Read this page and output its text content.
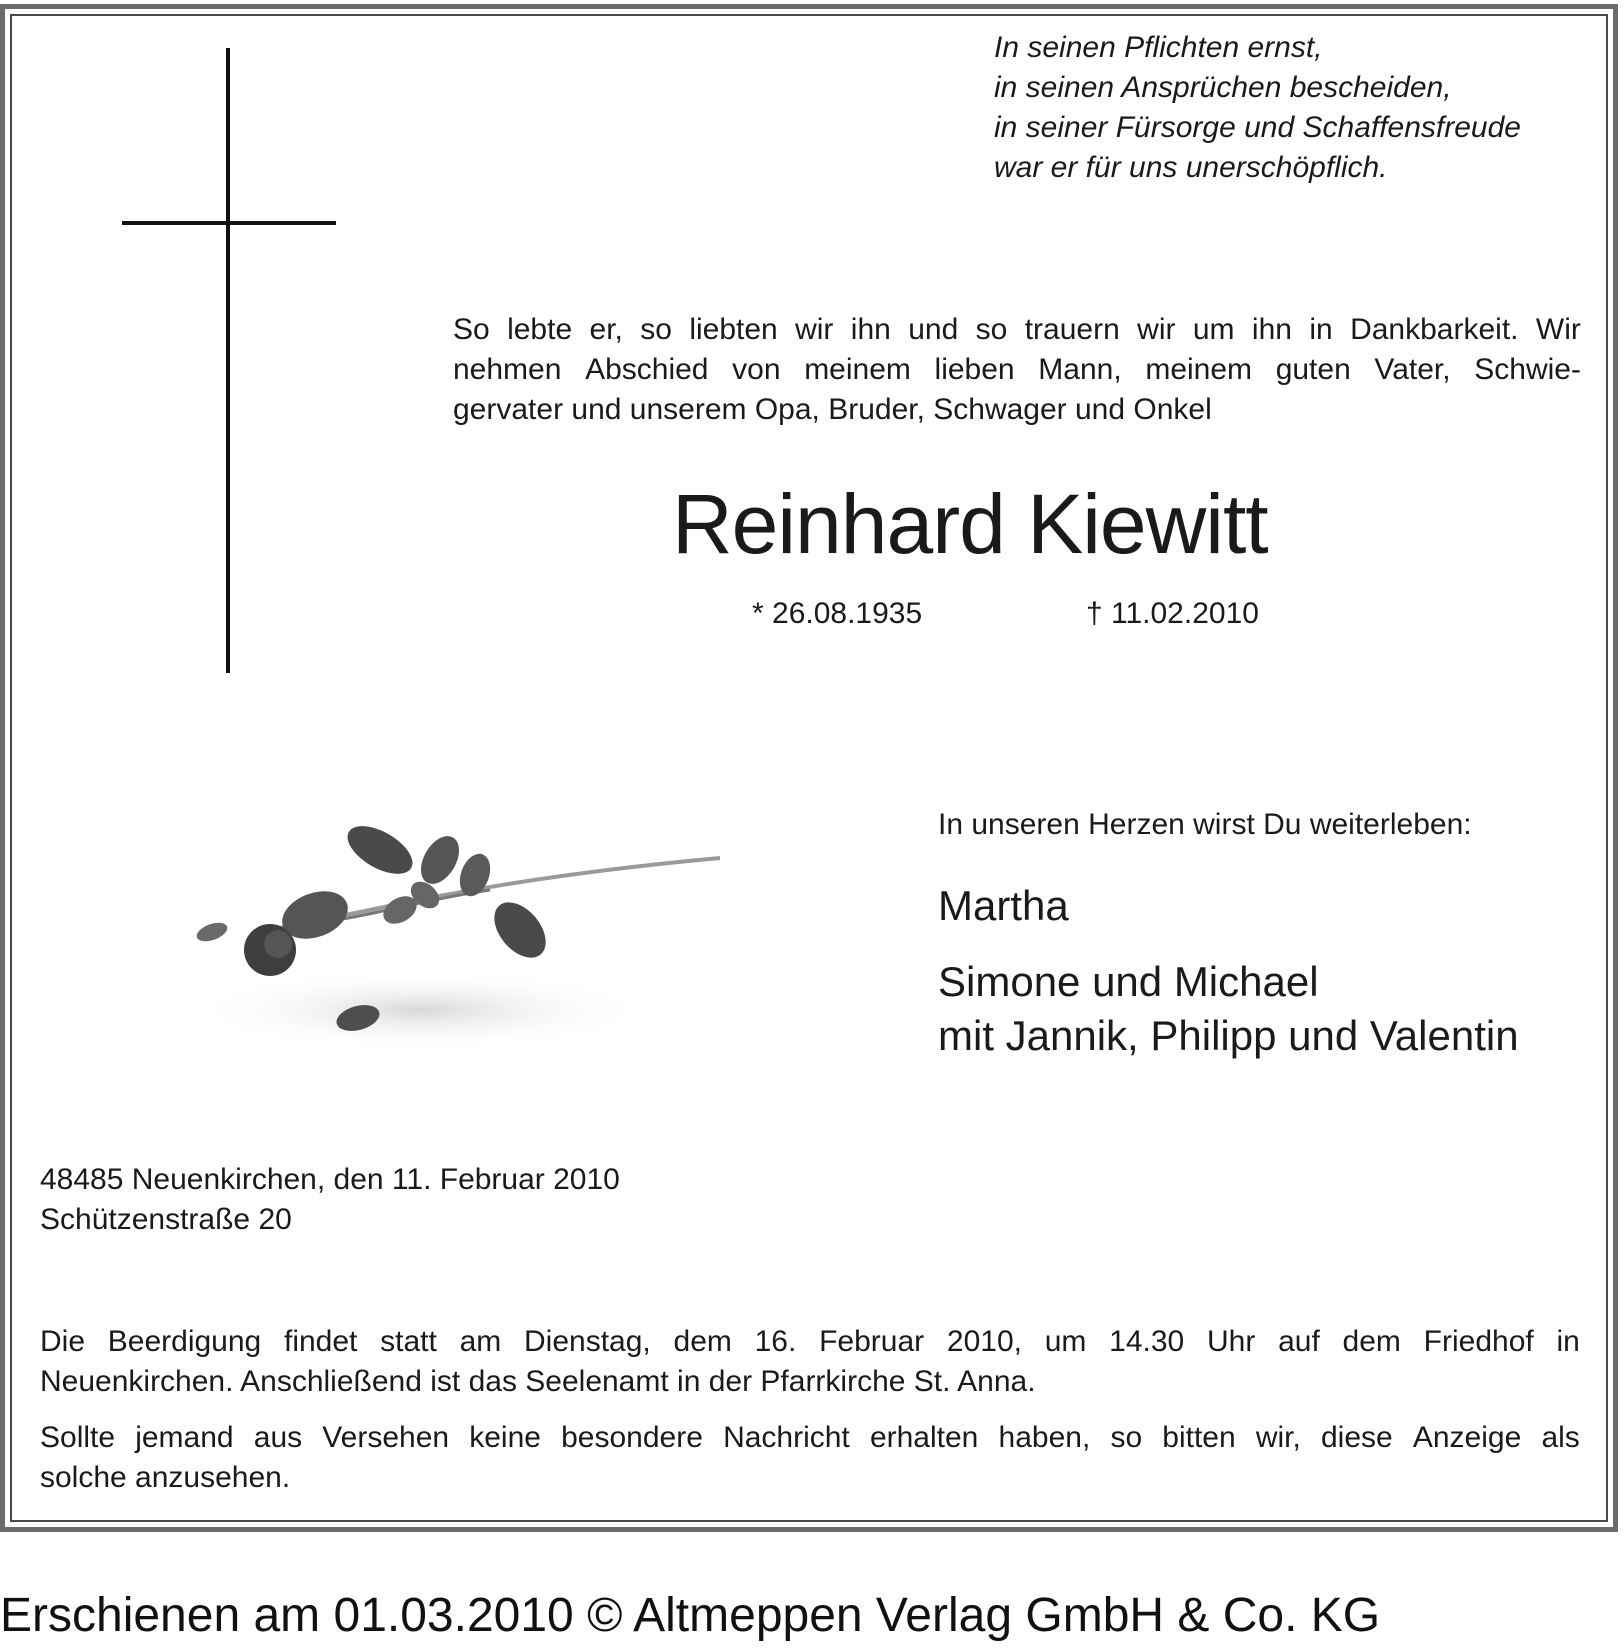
In seinen Pflichten ernst,
in seinen Ansprüchen bescheiden,
in seiner Fürsorge und Schaffensfreude
war er für uns unerschöpflich.
So lebte er, so liebten wir ihn und so trauern wir um ihn in Dankbarkeit. Wir
nehmen Abschied von meinem lieben Mann, meinem guten Vater, Schwie-
gervater und unserem Opa, Bruder, Schwager und Onkel
Reinhard Kiewitt
* 26.08.1935	† 11.02.2010
In unseren Herzen wirst Du weiterleben:
Martha
Simone und Michael
mit Jannik, Philipp und Valentin
48485 Neuenkirchen, den 11. Februar 2010
Schützenstraße 20
Die Beerdigung findet statt am Dienstag, dem 16. Februar 2010, um 14.30 Uhr auf dem Friedhof in
Neuenkirchen. Anschließend ist das Seelenamt in der Pfarrkirche St. Anna.
Sollte jemand aus Versehen keine besondere Nachricht erhalten haben, so bitten wir, diese Anzeige als
solche anzusehen.
Erschienen am 01.03.2010 © Altmeppen Verlag GmbH & Co. KG
